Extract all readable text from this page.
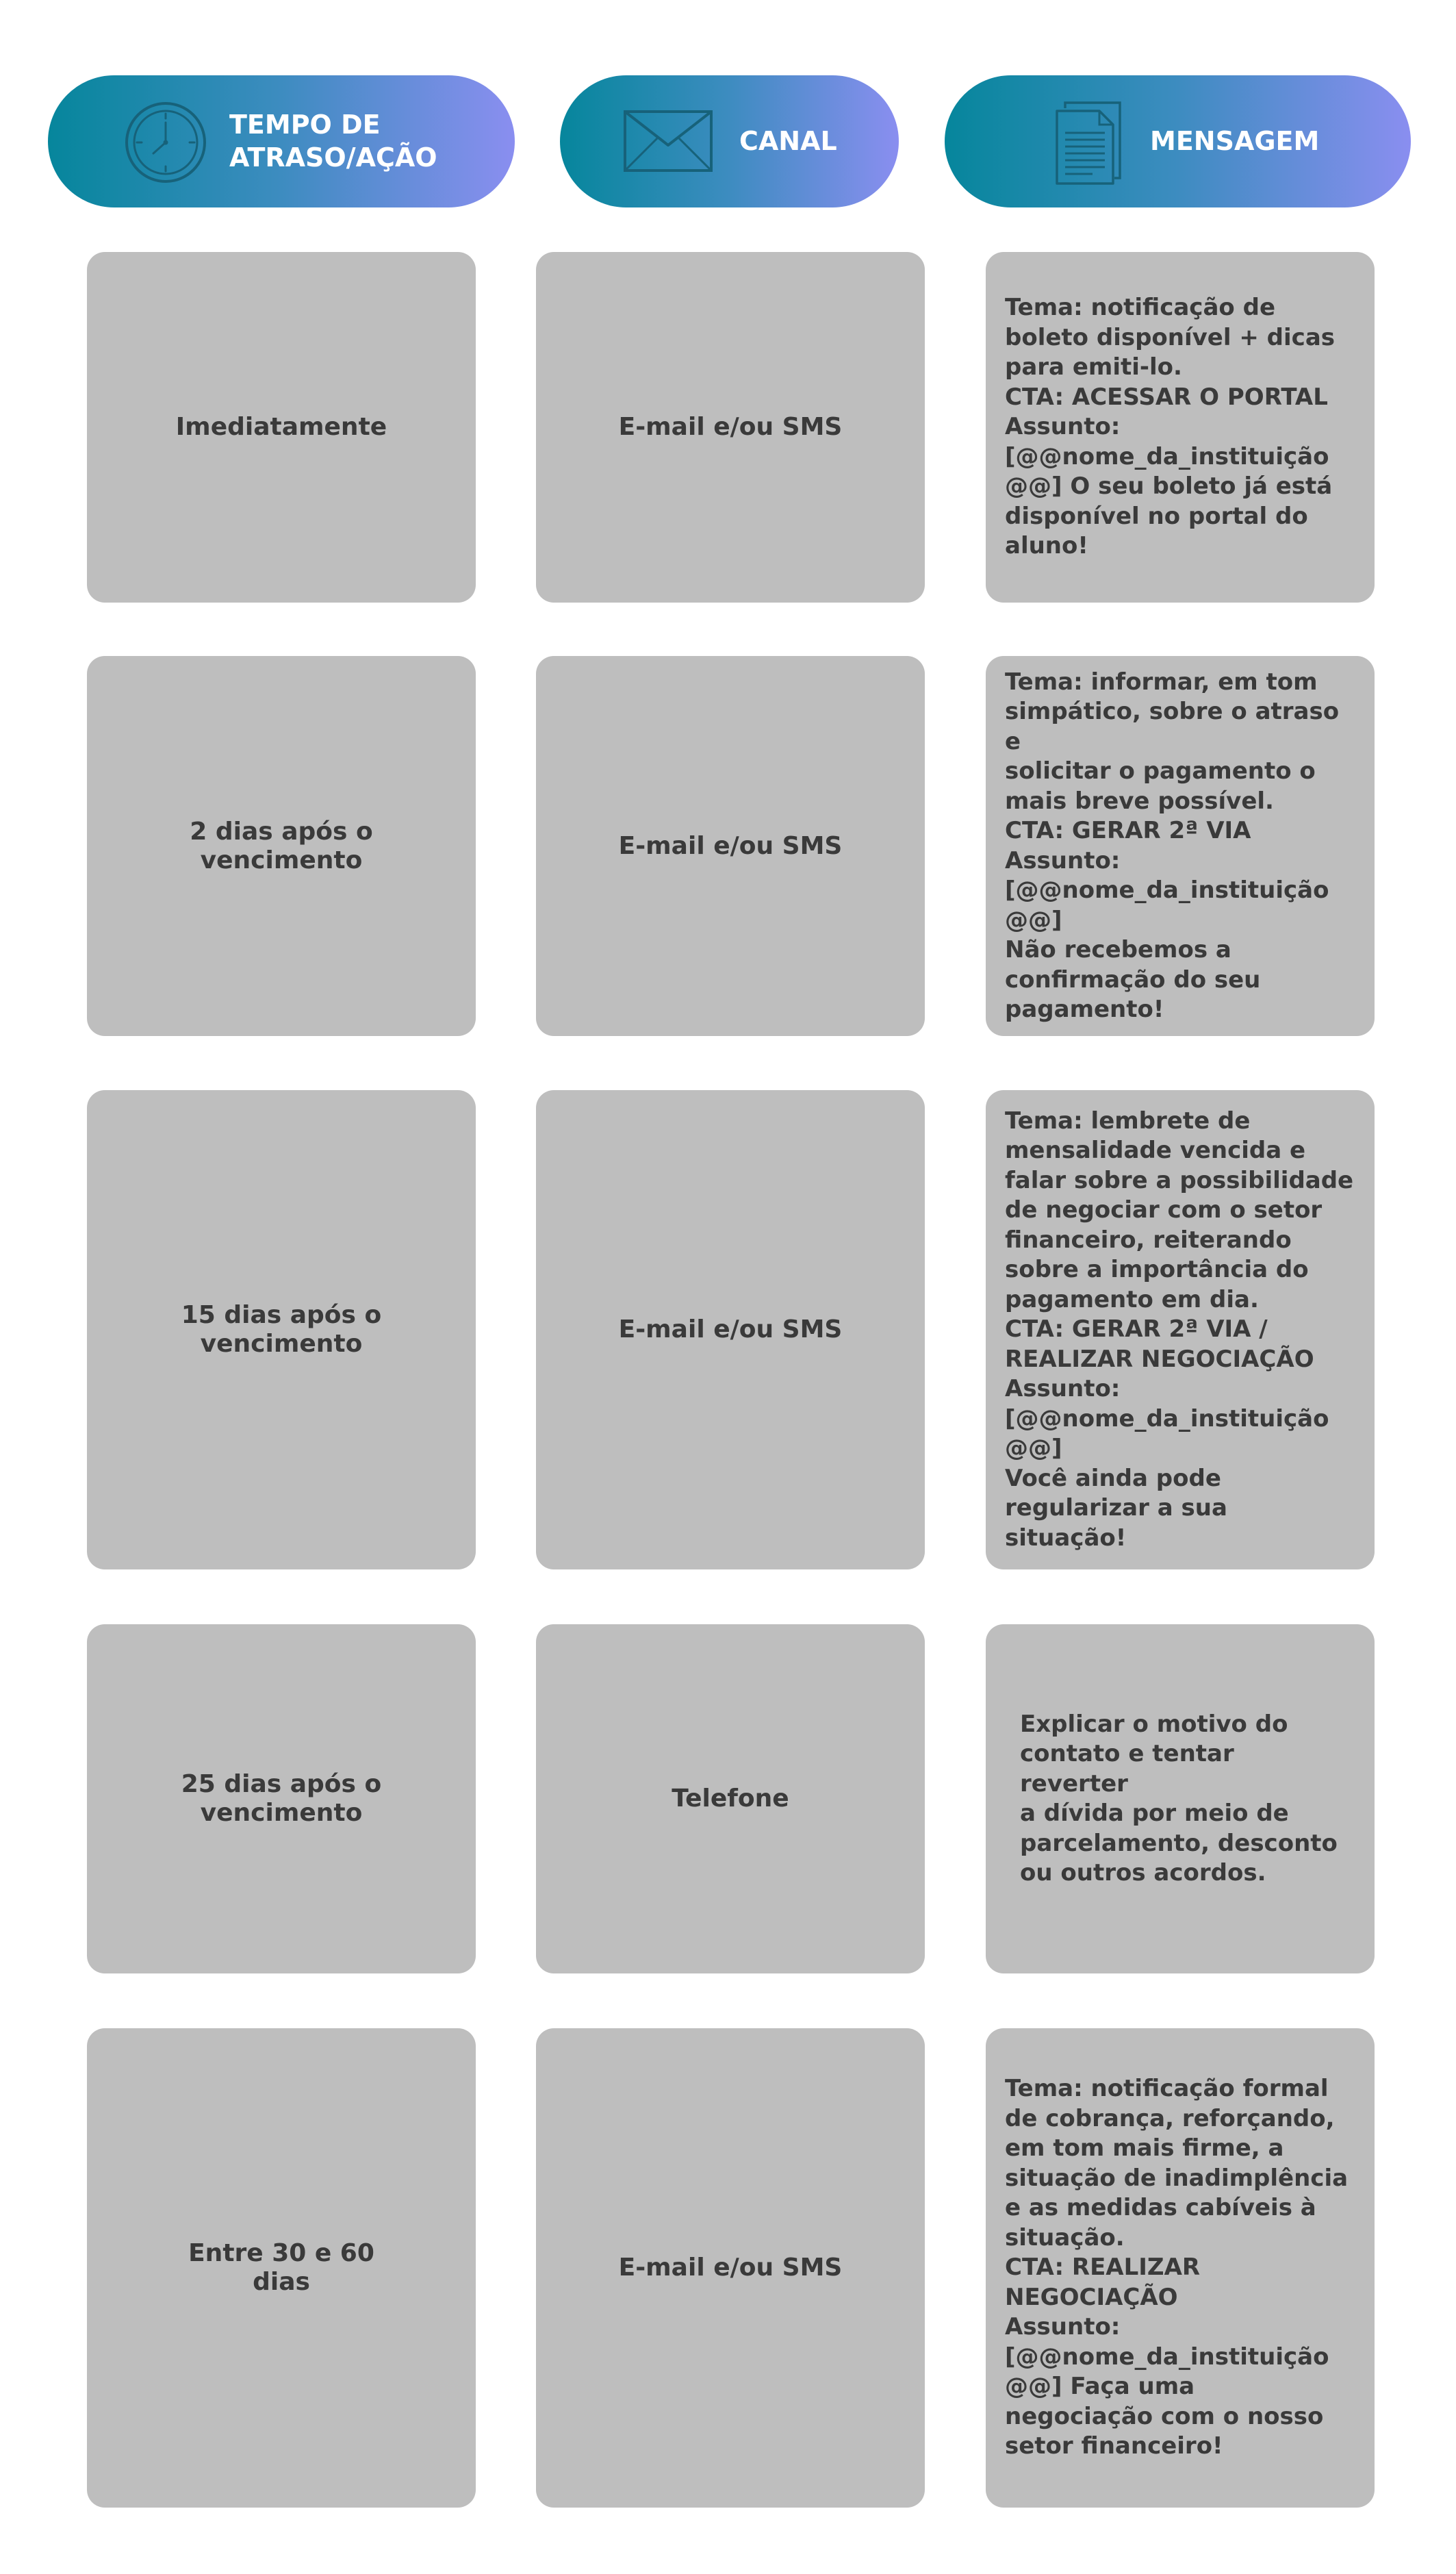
TEMPO DE
ATRASO/AÇÃO
CANAL	MENSAGEM
Imediatamente	E-mail e/ou SMS
Tema: notificação de
boleto disponível + dicas
para emiti-lo.
CTA: ACESSAR O PORTAL
Assunto:
[@@nome_da_instituição
@@] O seu boleto já está
disponível no portal do
aluno!
2 dias após o
vencimento
E-mail e/ou SMS
Tema: informar, em tom
simpático, sobre o atraso e
solicitar o pagamento o
mais breve possível.
CTA: GERAR 2ª VIA
Assunto:
[@@nome_da_instituição
@@]
Não recebemos a
confirmação do seu
pagamento!
15 dias após o
vencimento
E-mail e/ou SMS
Tema: lembrete de
mensalidade vencida e
falar sobre a possibilidade
de negociar com o setor
financeiro, reiterando
sobre a importância do
pagamento em dia.
CTA: GERAR 2ª VIA /
REALIZAR NEGOCIAÇÃO
Assunto:
[@@nome_da_instituição
@@]
Você ainda pode
regularizar a sua situação!
25 dias após o
vencimento
Telefone
Explicar o motivo do
contato e tentar reverter
a dívida por meio de
parcelamento, desconto
ou outros acordos.
Entre 30 e 60
dias
E-mail e/ou SMS
Tema: notificação formal
de cobrança, reforçando,
em tom mais firme, a
situação de inadimplência
e as medidas cabíveis à
situação.
CTA: REALIZAR
NEGOCIAÇÃO
Assunto:
[@@nome_da_instituição
@@] Faça uma
negociação com o nosso
setor financeiro!
